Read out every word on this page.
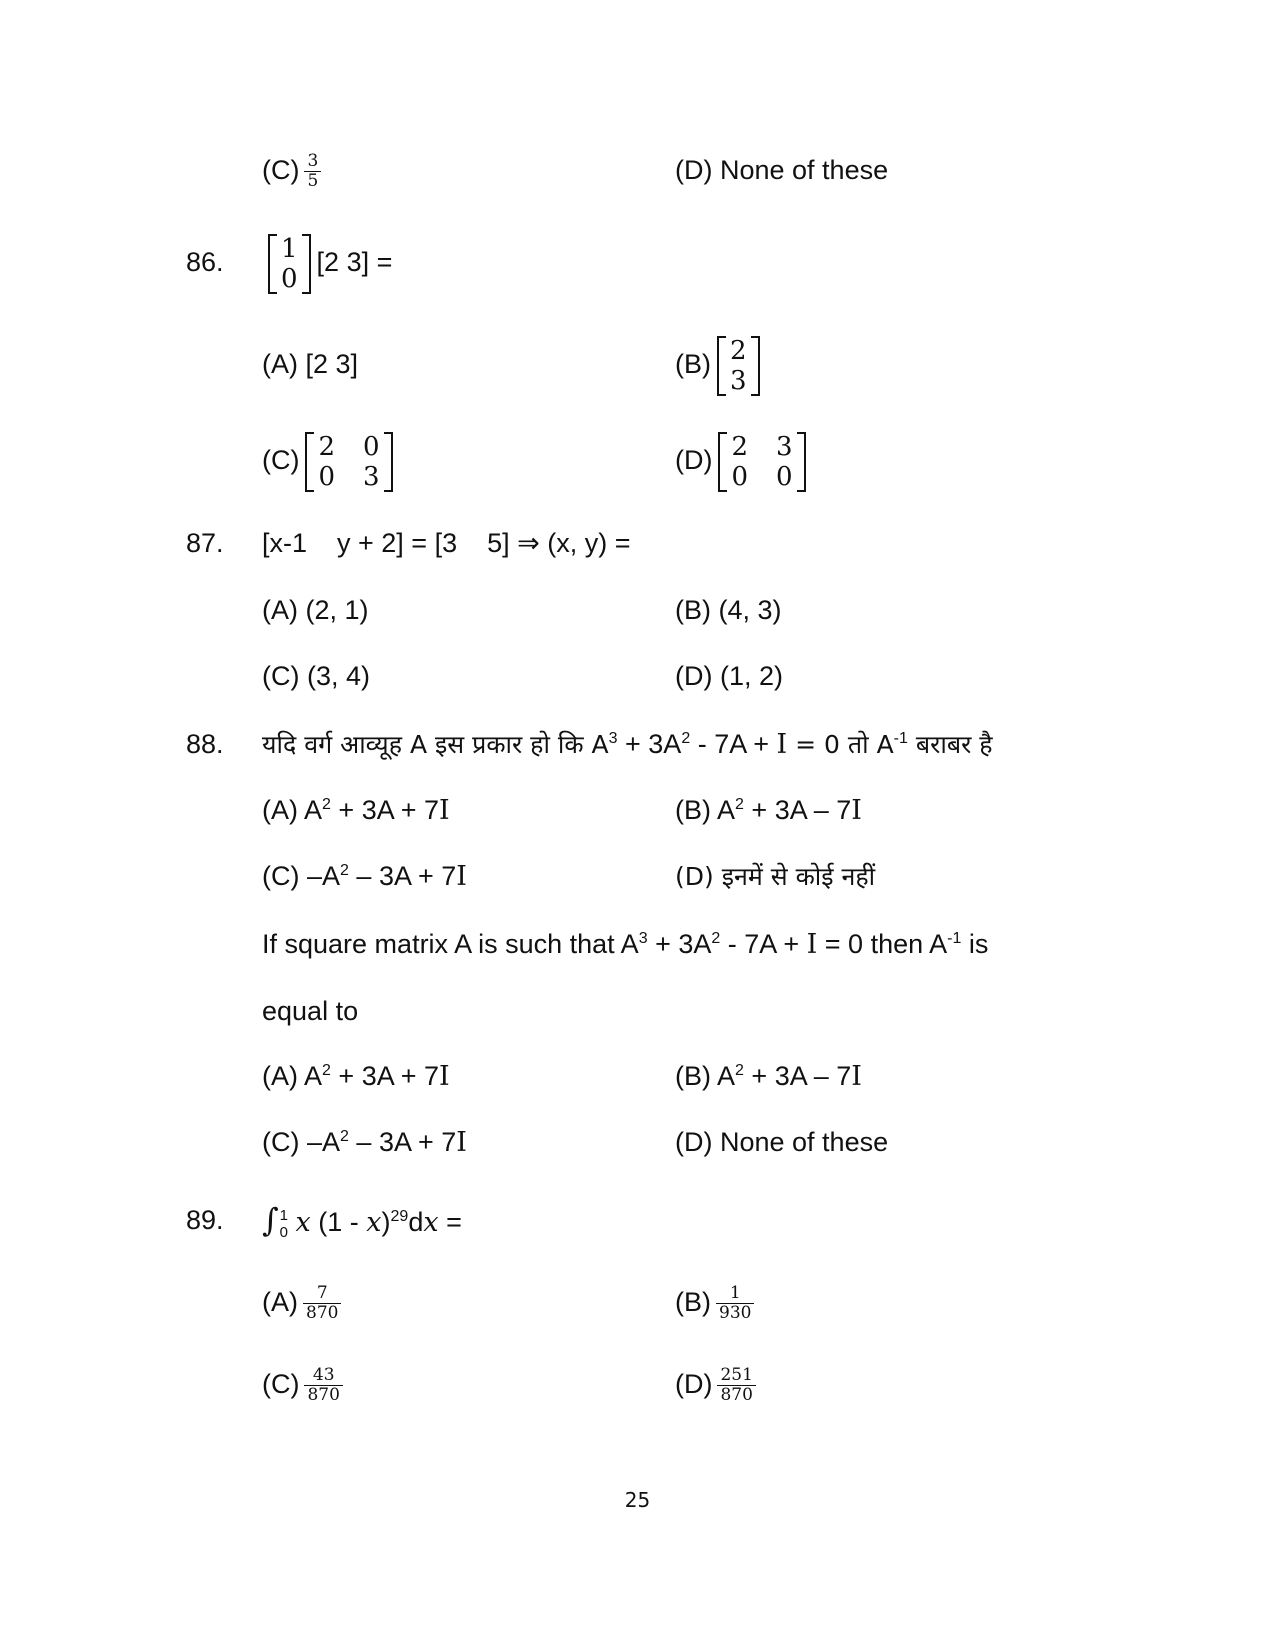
$(C) \frac{3}{5}$	(D) None of these
86. 1
0
[2 3] =
(A) [2 3]	(B) 2
3
(C) 2 0
0 3
(D) 2 3
0 0
87. [x-1 y + 2] = [3 5] ⇒ (x, y) =
(A) (2, 1)	(B) (4, 3)
(C) (3, 4)	(D) (1, 2)
88. यदि वर्ग आव्यूह A इस प्रकार हो कि $A^3 + 3A^2 - 7A + I = 0$ तो $A^{-1}$ बराबर है
(A) $A^2 + 3A + 7I$	(B) $A^2 + 3A - 7I$
(C) $-A^2 - 3A + 7I$	(D) इनमें से कोई नहीं
If square matrix A is such that $A^3 + 3A^2 - 7A + I = 0$ then $A^{-1}$ is
equal to
(A) $A^2 + 3A + 7I$	(B) $A^2 + 3A - 7I$
(C) $-A^2 - 3A + 7I$	(D) None of these
89. ∫ 1
0 x (1 - x)$^{29}$dx =
$(A) \frac{7}{870}$	$(B) \frac{1}{930}$
$(C) \frac{43}{870}$	$(D) \frac{251}{870}$
25
